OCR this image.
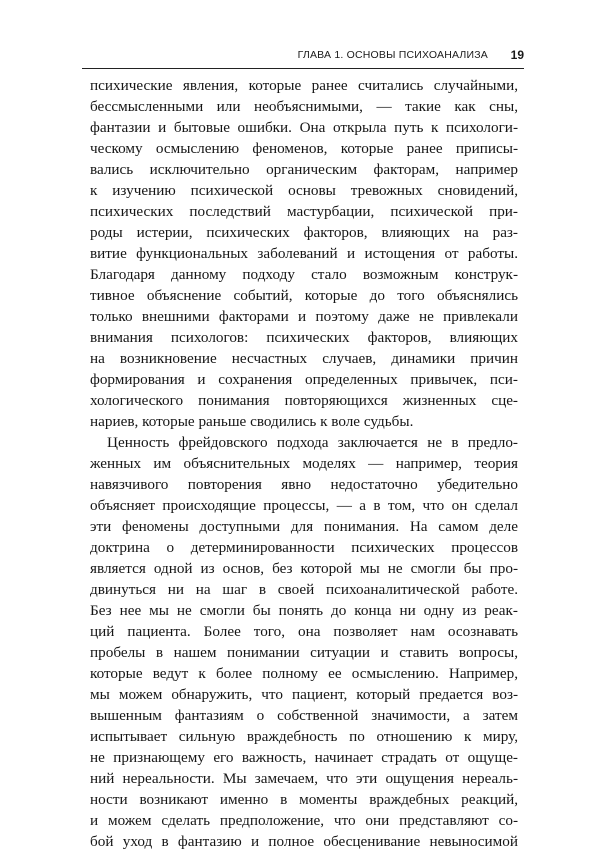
ГЛАВА 1. ОСНОВЫ ПСИХОАНАЛИЗА 19
психические явления, которые ранее считались случайными,
бессмысленными или необъяснимыми, — такие как сны,
фантазии и бытовые ошибки. Она открыла путь к психологи-
ческому осмыслению феноменов, которые ранее приписы-
вались исключительно органическим факторам, например
к изучению психической основы тревожных сновидений,
психических последствий мастурбации, психической при-
роды истерии, психических факторов, влияющих на раз-
витие функциональных заболеваний и истощения от работы.
Благодаря данному подходу стало возможным конструк-
тивное объяснение событий, которые до того объяснялись
только внешними факторами и поэтому даже не привлекали
внимания психологов: психических факторов, влияющих
на возникновение несчастных случаев, динамики причин
формирования и сохранения определенных привычек, пси-
хологического понимания повторяющихся жизненных сце-
нариев, которые раньше сводились к воле судьбы.
Ценность фрейдовского подхода заключается не в предло-
женных им объяснительных моделях — например, теория
навязчивого повторения явно недостаточно убедительно
объясняет происходящие процессы, — а в том, что он сделал
эти феномены доступными для понимания. На самом деле
доктрина о детерминированности психических процессов
является одной из основ, без которой мы не смогли бы про-
двинуться ни на шаг в своей психоаналитической работе.
Без нее мы не смогли бы понять до конца ни одну из реак-
ций пациента. Более того, она позволяет нам осознавать
пробелы в нашем понимании ситуации и ставить вопросы,
которые ведут к более полному ее осмыслению. Например,
мы можем обнаружить, что пациент, который предается воз-
вышенным фантазиям о собственной значимости, а затем
испытывает сильную враждебность по отношению к миру,
не признающему его важность, начинает страдать от ощуще-
ний нереальности. Мы замечаем, что эти ощущения нереаль-
ности возникают именно в моменты враждебных реакций,
и можем сделать предположение, что они представляют со-
бой уход в фантазию и полное обесценивание невыносимой
